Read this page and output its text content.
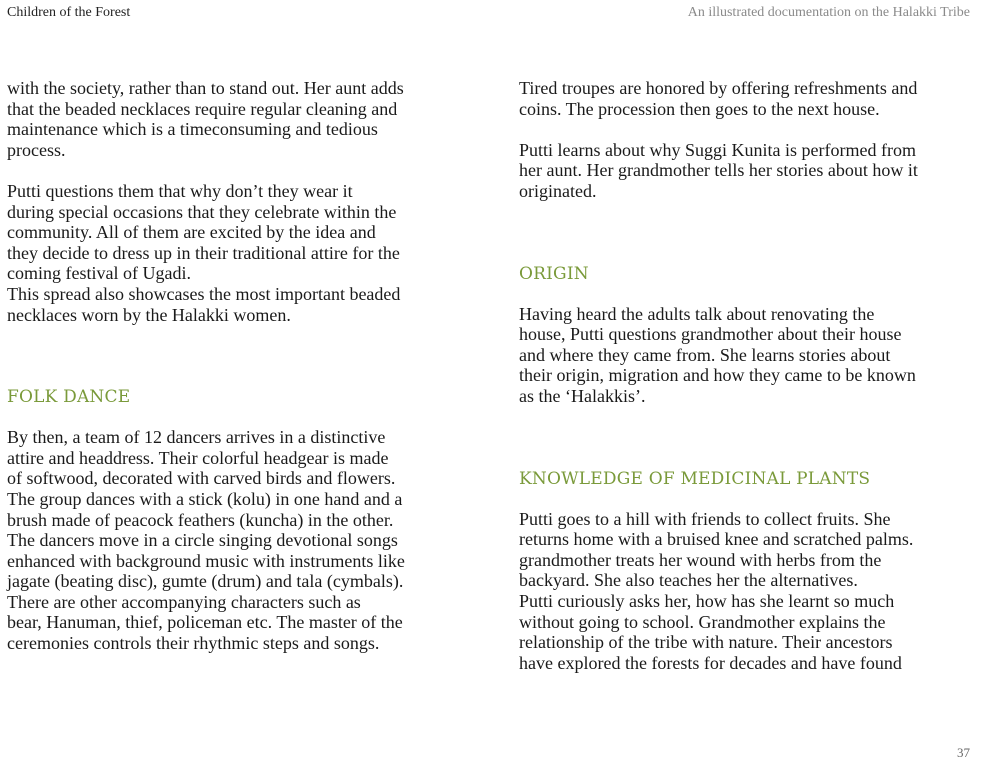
Children of the Forest	An illustrated documentation on the Halakki Tribe

with the society, rather than to stand out. Her aunt adds
that the beaded necklaces require regular cleaning and
maintenance which is a timeconsuming and tedious
process.

Putti questions them that why don’t they wear it
during special occasions that they celebrate within the
community. All of them are excited by the idea and
they decide to dress up in their traditional attire for the
coming festival of Ugadi.
This spread also showcases the most important beaded
necklaces worn by the Halakki women.

FOLK DANCE

By then, a team of 12 dancers arrives in a distinctive
attire and headdress. Their colorful headgear is made
of softwood, decorated with carved birds and flowers.
The group dances with a stick (kolu) in one hand and a
brush made of peacock feathers (kuncha) in the other.
The dancers move in a circle singing devotional songs
enhanced with background music with instruments like
jagate (beating disc), gumte (drum) and tala (cymbals).
There are other accompanying characters such as
bear, Hanuman, thief, policeman etc. The master of the
ceremonies controls their rhythmic steps and songs.

Tired troupes are honored by offering refreshments and
coins. The procession then goes to the next house.

Putti learns about why Suggi Kunita is performed from
her aunt. Her grandmother tells her stories about how it
originated.

ORIGIN

Having heard the adults talk about renovating the
house, Putti questions grandmother about their house
and where they came from. She learns stories about
their origin, migration and how they came to be known
as the ‘Halakkis’.

KNOWLEDGE OF MEDICINAL PLANTS

Putti goes to a hill with friends to collect fruits. She
returns home with a bruised knee and scratched palms.
grandmother treats her wound with herbs from the
backyard. She also teaches her the alternatives.
Putti curiously asks her, how has she learnt so much
without going to school. Grandmother explains the
relationship of the tribe with nature. Their ancestors
have explored the forests for decades and have found

37
